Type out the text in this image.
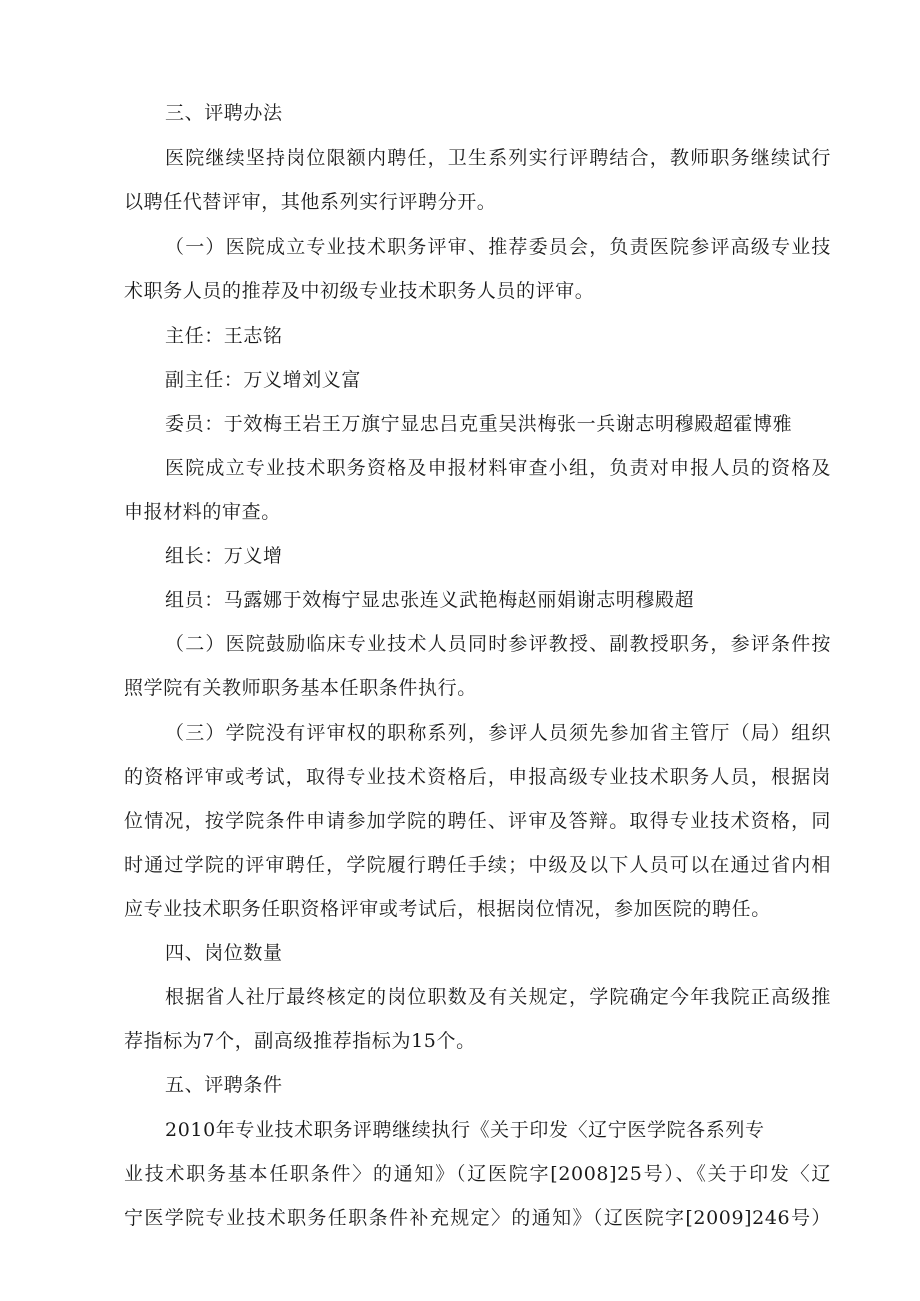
三、评聘办法
医院继续坚持岗位限额内聘任，卫生系列实行评聘结合，教师职务继续试行
以聘任代替评审，其他系列实行评聘分开。
（一）医院成立专业技术职务评审、推荐委员会，负责医院参评高级专业技
术职务人员的推荐及中初级专业技术职务人员的评审。
主任：王志铭
副主任：万义增刘义富
委员：于效梅王岩王万旗宁显忠吕克重吴洪梅张一兵谢志明穆殿超霍博雅
医院成立专业技术职务资格及申报材料审查小组，负责对申报人员的资格及
申报材料的审查。
组长：万义增
组员：马露娜于效梅宁显忠张连义武艳梅赵丽娟谢志明穆殿超
（二）医院鼓励临床专业技术人员同时参评教授、副教授职务，参评条件按
照学院有关教师职务基本任职条件执行。
（三）学院没有评审权的职称系列，参评人员须先参加省主管厅（局）组织
的资格评审或考试，取得专业技术资格后，申报高级专业技术职务人员，根据岗
位情况，按学院条件申请参加学院的聘任、评审及答辩。取得专业技术资格，同
时通过学院的评审聘任，学院履行聘任手续；中级及以下人员可以在通过省内相
应专业技术职务任职资格评审或考试后，根据岗位情况，参加医院的聘任。
四、岗位数量
根据省人社厅最终核定的岗位职数及有关规定，学院确定今年我院正高级推
荐指标为7个，副高级推荐指标为15个。
五、评聘条件
2010年专业技术职务评聘继续执行《关于印发〈辽宁医学院各系列专
业技术职务基本任职条件〉的通知》（辽医院字[2008]25号）、《关于印发〈辽
宁医学院专业技术职务任职条件补充规定〉的通知》（辽医院字[2009]246号）
